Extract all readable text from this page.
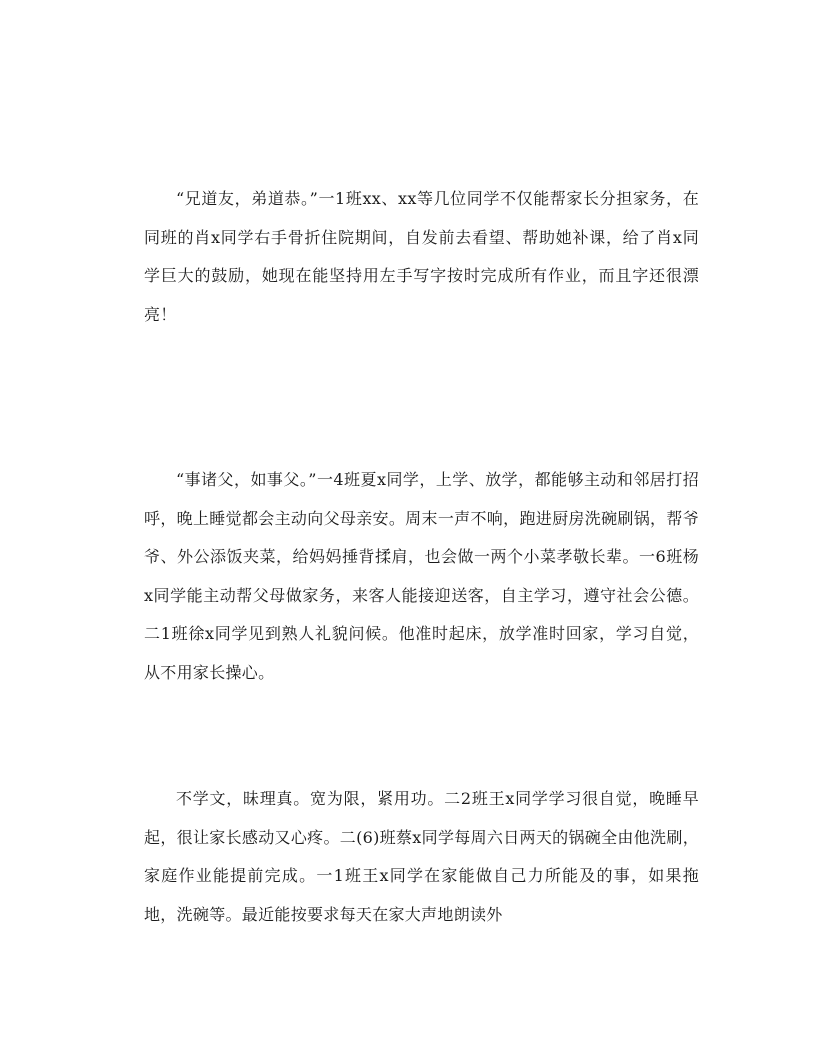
“兄道友，弟道恭。”一1班xx、xx等几位同学不仅能帮家长分担家务，在同班的肖x同学右手骨折住院期间，自发前去看望、帮助她补课，给了肖x同学巨大的鼓励，她现在能坚持用左手写字按时完成所有作业，而且字还很漂亮！

“事诸父，如事父。”一4班夏x同学，上学、放学，都能够主动和邻居打招呼，晚上睡觉都会主动向父母亲安。周末一声不响，跑进厨房洗碗刷锅，帮爷爷、外公添饭夹菜，给妈妈捶背揉肩，也会做一两个小菜孝敬长辈。一6班杨x同学能主动帮父母做家务，来客人能接迎送客，自主学习，遵守社会公德。二1班徐x同学见到熟人礼貌问候。他准时起床，放学准时回家，学习自觉，从不用家长操心。

不学文，昧理真。宽为限，紧用功。二2班王x同学学习很自觉，晚睡早起，很让家长感动又心疼。二(6)班蔡x同学每周六日两天的锅碗全由他洗刷，家庭作业能提前完成。一1班王x同学在家能做自己力所能及的事，如果拖地，洗碗等。最近能按要求每天在家大声地朗读外
